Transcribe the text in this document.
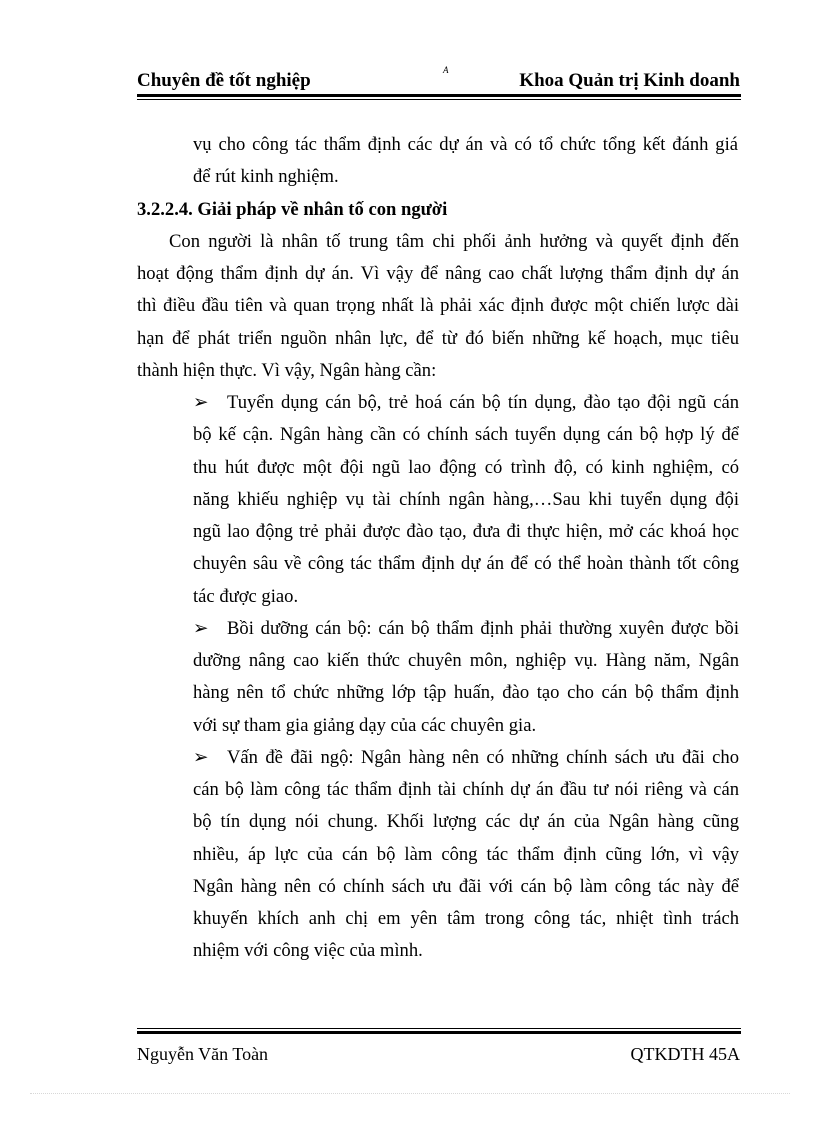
Chuyên đề tốt nghiệp	A	Khoa Quản trị Kinh doanh
vụ cho công tác thẩm định các dự án và có tổ chức tổng kết đánh giá
để rút kinh nghiệm.
3.2.2.4. Giải pháp về nhân tố con người
Con người là nhân tố trung tâm chi phối ảnh hưởng và quyết định đến
hoạt động thẩm định dự án. Vì vậy để nâng cao chất lượng thẩm định dự án
thì điều đầu tiên và quan trọng nhất là phải xác định được một chiến lược dài
hạn để phát triển nguồn nhân lực, để từ đó biến những kế hoạch, mục tiêu
thành hiện thực. Vì vậy, Ngân hàng cần:
➢ Tuyển dụng cán bộ, trẻ hoá cán bộ tín dụng, đào tạo đội ngũ cán
bộ kế cận. Ngân hàng cần có chính sách tuyển dụng cán bộ hợp lý để
thu hút được một đội ngũ lao động có trình độ, có kinh nghiệm, có
năng khiếu nghiệp vụ tài chính ngân hàng,…Sau khi tuyển dụng đội
ngũ lao động trẻ phải được đào tạo, đưa đi thực hiện, mở các khoá học
chuyên sâu về công tác thẩm định dự án để có thể hoàn thành tốt công
tác được giao.
➢ Bồi dưỡng cán bộ: cán bộ thẩm định phải thường xuyên được bồi
dưỡng nâng cao kiến thức chuyên môn, nghiệp vụ. Hàng năm, Ngân
hàng nên tổ chức những lớp tập huấn, đào tạo cho cán bộ thẩm định
với sự tham gia giảng dạy của các chuyên gia.
➢ Vấn đề đãi ngộ: Ngân hàng nên có những chính sách ưu đãi cho
cán bộ làm công tác thẩm định tài chính dự án đầu tư nói riêng và cán
bộ tín dụng nói chung. Khối lượng các dự án của Ngân hàng cũng
nhiều, áp lực của cán bộ làm công tác thẩm định cũng lớn, vì vậy
Ngân hàng nên có chính sách ưu đãi với cán bộ làm công tác này để
khuyến khích anh chị em yên tâm trong công tác, nhiệt tình trách
nhiệm với công việc của mình.
Nguyễn Văn Toàn	QTKDTH 45A
